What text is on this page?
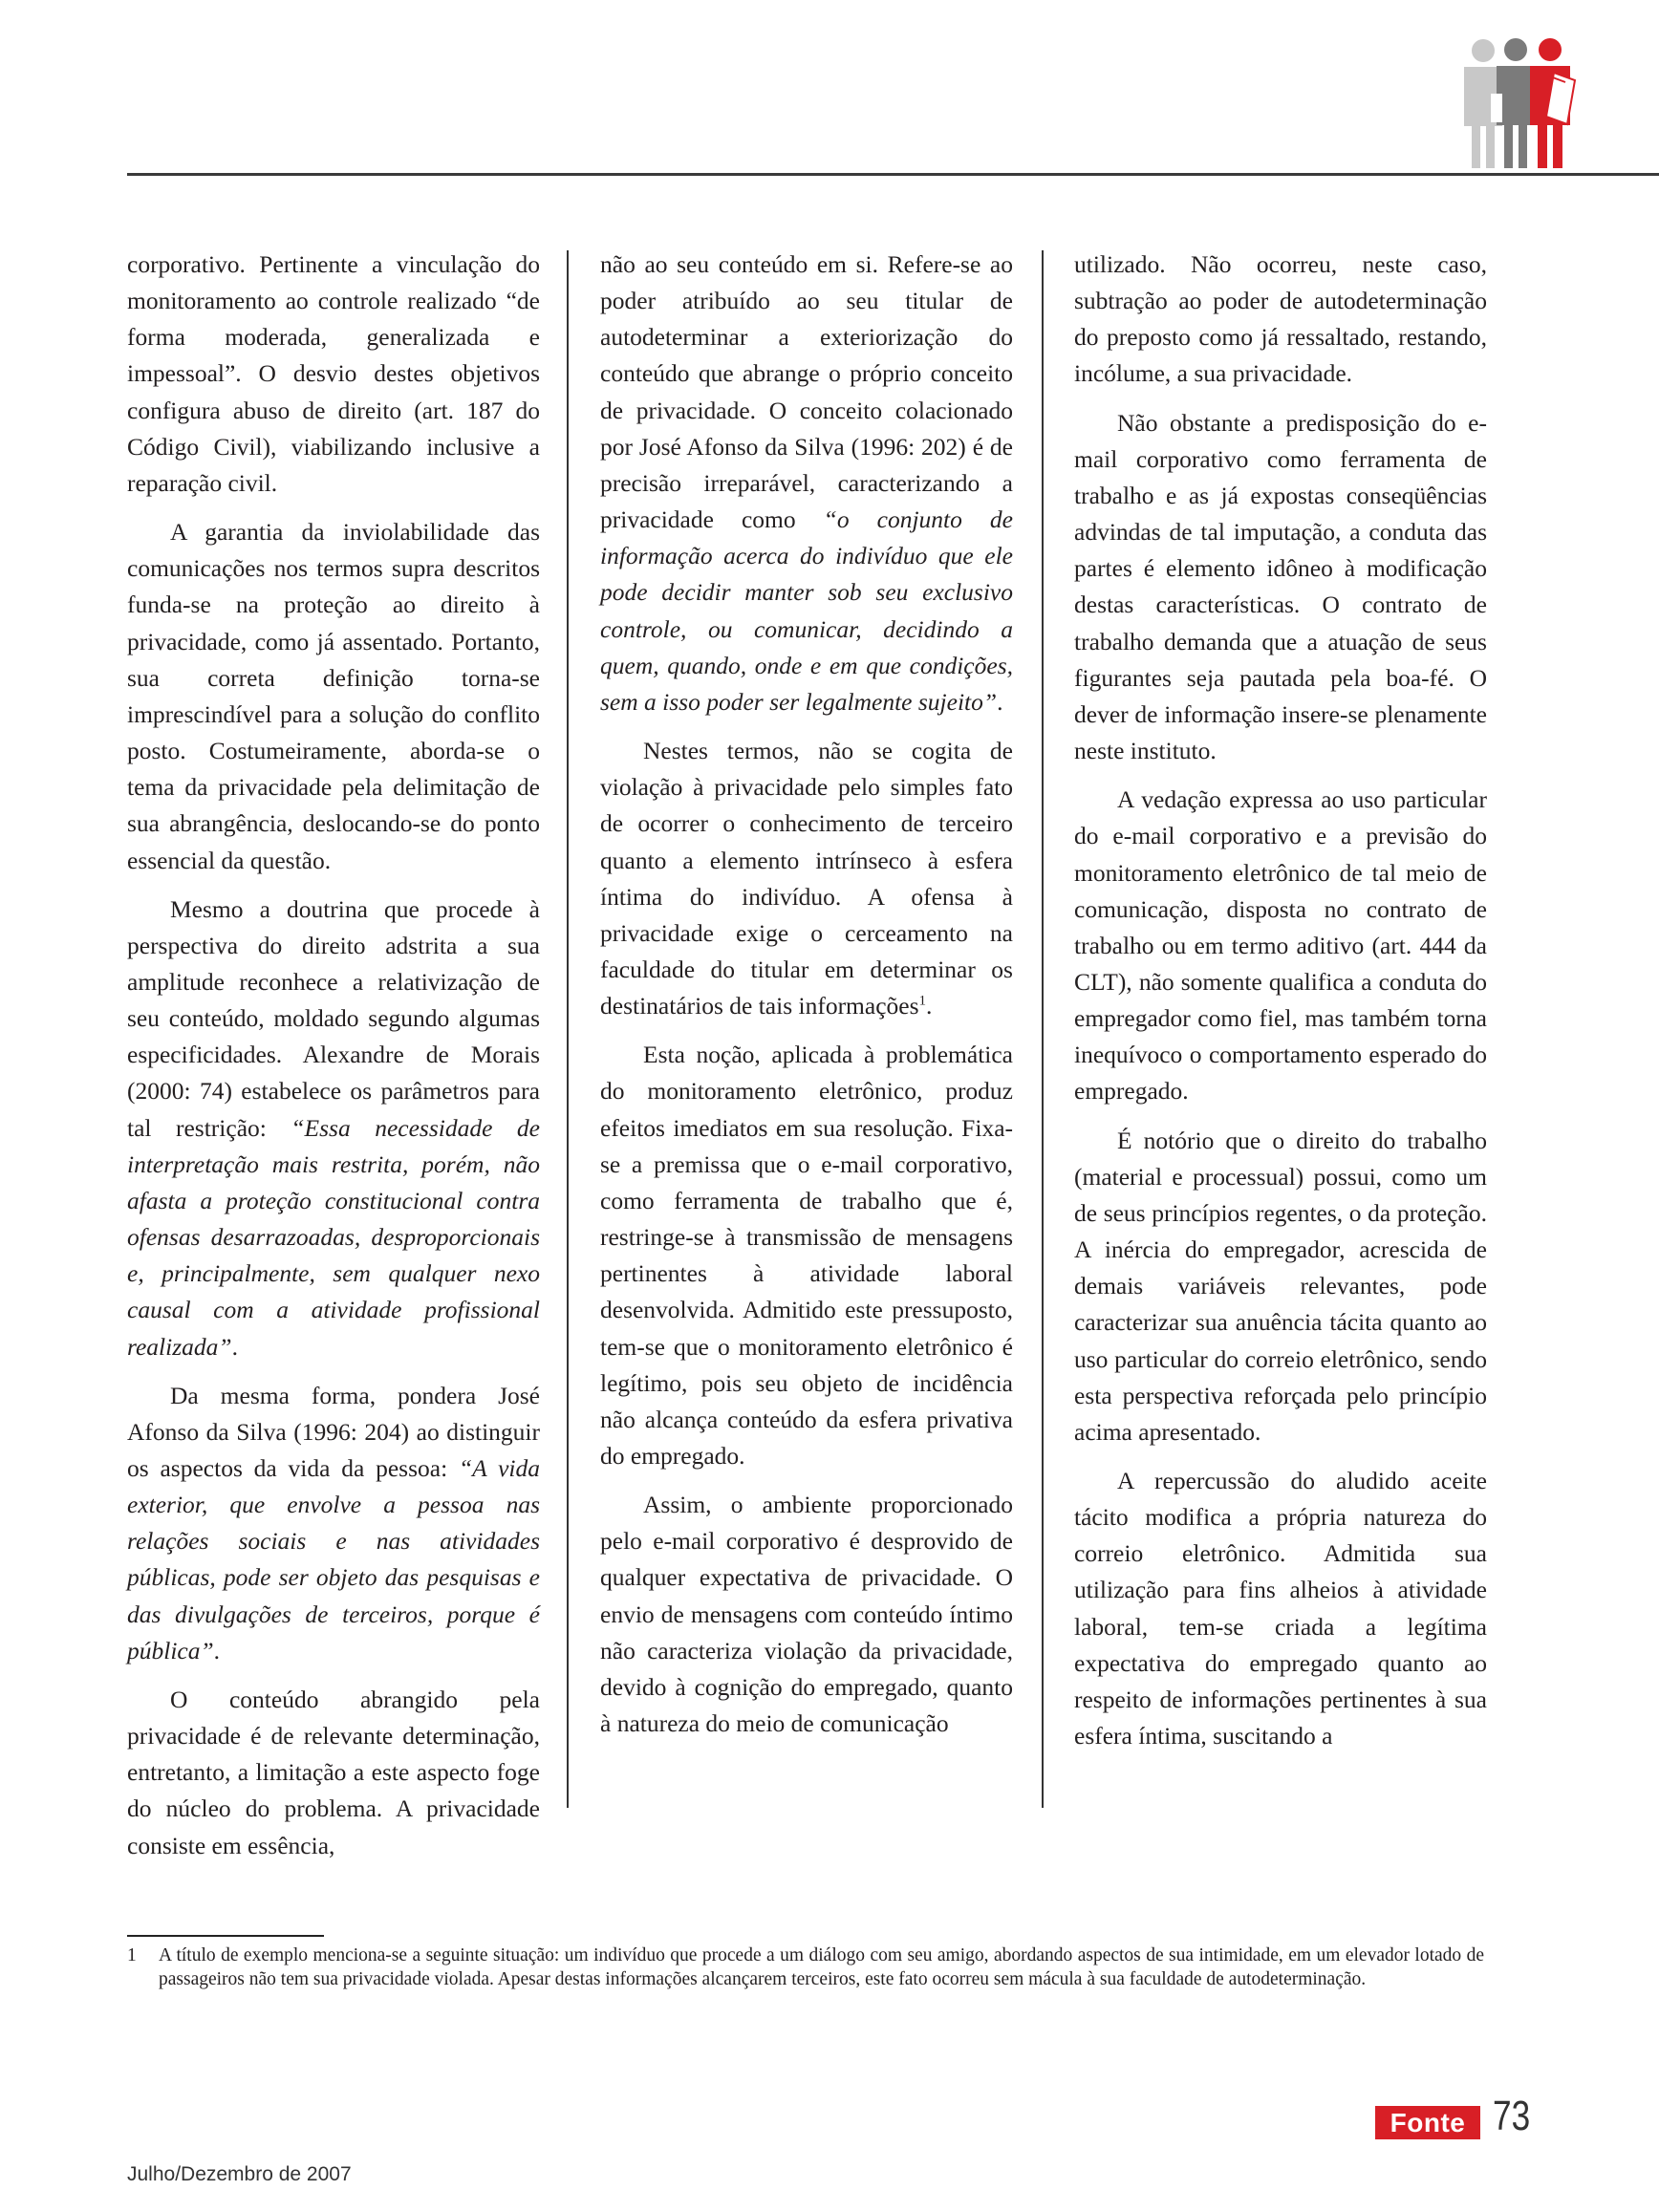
corporativo. Pertinente a vinculação do monitoramento ao controle realizado “de forma moderada, generalizada e impessoal”. O desvio destes objetivos configura abuso de direito (art. 187 do Código Civil), viabilizando inclusive a reparação civil.

A garantia da inviolabilidade das comunicações nos termos supra descritos funda-se na proteção ao direito à privacidade, como já assentado. Portanto, sua correta definição torna-se imprescindível para a solução do conflito posto. Costumeiramente, aborda-se o tema da privacidade pela delimitação de sua abrangência, deslocando-se do ponto essencial da questão.

Mesmo a doutrina que procede à perspectiva do direito adstrita a sua amplitude reconhece a relativização de seu conteúdo, moldado segundo algumas especificidades. Alexandre de Morais (2000: 74) estabelece os parâmetros para tal restrição: “Essa necessidade de interpretação mais restrita, porém, não afasta a proteção constitucional contra ofensas desarrazoadas, desproporcionais e, principalmente, sem qualquer nexo causal com a atividade profissional realizada”.

Da mesma forma, pondera José Afonso da Silva (1996: 204) ao distinguir os aspectos da vida da pessoa: “A vida exterior, que envolve a pessoa nas relações sociais e nas atividades públicas, pode ser objeto das pesquisas e das divulgações de terceiros, porque é pública”.

O conteúdo abrangido pela privacidade é de relevante determinação, entretanto, a limitação a este aspecto foge do núcleo do problema. A privacidade consiste em essência,

não ao seu conteúdo em si. Refere-se ao poder atribuído ao seu titular de autodeterminar a exteriorização do conteúdo que abrange o próprio conceito de privacidade. O conceito colacionado por José Afonso da Silva (1996: 202) é de precisão irreparável, caracterizando a privacidade como “o conjunto de informação acerca do indivíduo que ele pode decidir manter sob seu exclusivo controle, ou comunicar, decidindo a quem, quando, onde e em que condições, sem a isso poder ser legalmente sujeito”.

Nestes termos, não se cogita de violação à privacidade pelo simples fato de ocorrer o conhecimento de terceiro quanto a elemento intrínseco à esfera íntima do indivíduo. A ofensa à privacidade exige o cerceamento na faculdade do titular em determinar os destinatários de tais informações$^1$.

Esta noção, aplicada à problemática do monitoramento eletrônico, produz efeitos imediatos em sua resolução. Fixa-se a premissa que o e-mail corporativo, como ferramenta de trabalho que é, restringe-se à transmissão de mensagens pertinentes à atividade laboral desenvolvida. Admitido este pressuposto, tem-se que o monitoramento eletrônico é legítimo, pois seu objeto de incidência não alcança conteúdo da esfera privativa do empregado.

Assim, o ambiente proporcionado pelo e-mail corporativo é desprovido de qualquer expectativa de privacidade. O envio de mensagens com conteúdo íntimo não caracteriza violação da privacidade, devido à cognição do empregado, quanto à natureza do meio de comunicação

utilizado. Não ocorreu, neste caso, subtração ao poder de autodeterminação do preposto como já ressaltado, restando, incólume, a sua privacidade.

Não obstante a predisposição do e-mail corporativo como ferramenta de trabalho e as já expostas conseqüências advindas de tal imputação, a conduta das partes é elemento idôneo à modificação destas características. O contrato de trabalho demanda que a atuação de seus figurantes seja pautada pela boa-fé. O dever de informação insere-se plenamente neste instituto.

A vedação expressa ao uso particular do e-mail corporativo e a previsão do monitoramento eletrônico de tal meio de comunicação, disposta no contrato de trabalho ou em termo aditivo (art. 444 da CLT), não somente qualifica a conduta do empregador como fiel, mas também torna inequívoco o comportamento esperado do empregado.

É notório que o direito do trabalho (material e processual) possui, como um de seus princípios regentes, o da proteção. A inércia do empregador, acrescida de demais variáveis relevantes, pode caracterizar sua anuência tácita quanto ao uso particular do correio eletrônico, sendo esta perspectiva reforçada pelo princípio acima apresentado.

A repercussão do aludido aceite tácito modifica a própria natureza do correio eletrônico. Admitida sua utilização para fins alheios à atividade laboral, tem-se criada a legítima expectativa do empregado quanto ao respeito de informações pertinentes à sua esfera íntima, suscitando a

1 A título de exemplo menciona-se a seguinte situação: um indivíduo que procede a um diálogo com seu amigo, abordando aspectos de sua intimidade, em um elevador lotado de passageiros não tem sua privacidade violada. Apesar destas informações alcançarem terceiros, este fato ocorreu sem mácula à sua faculdade de autodeterminação.
Julho/Dezembro de 2007
Fonte 73
